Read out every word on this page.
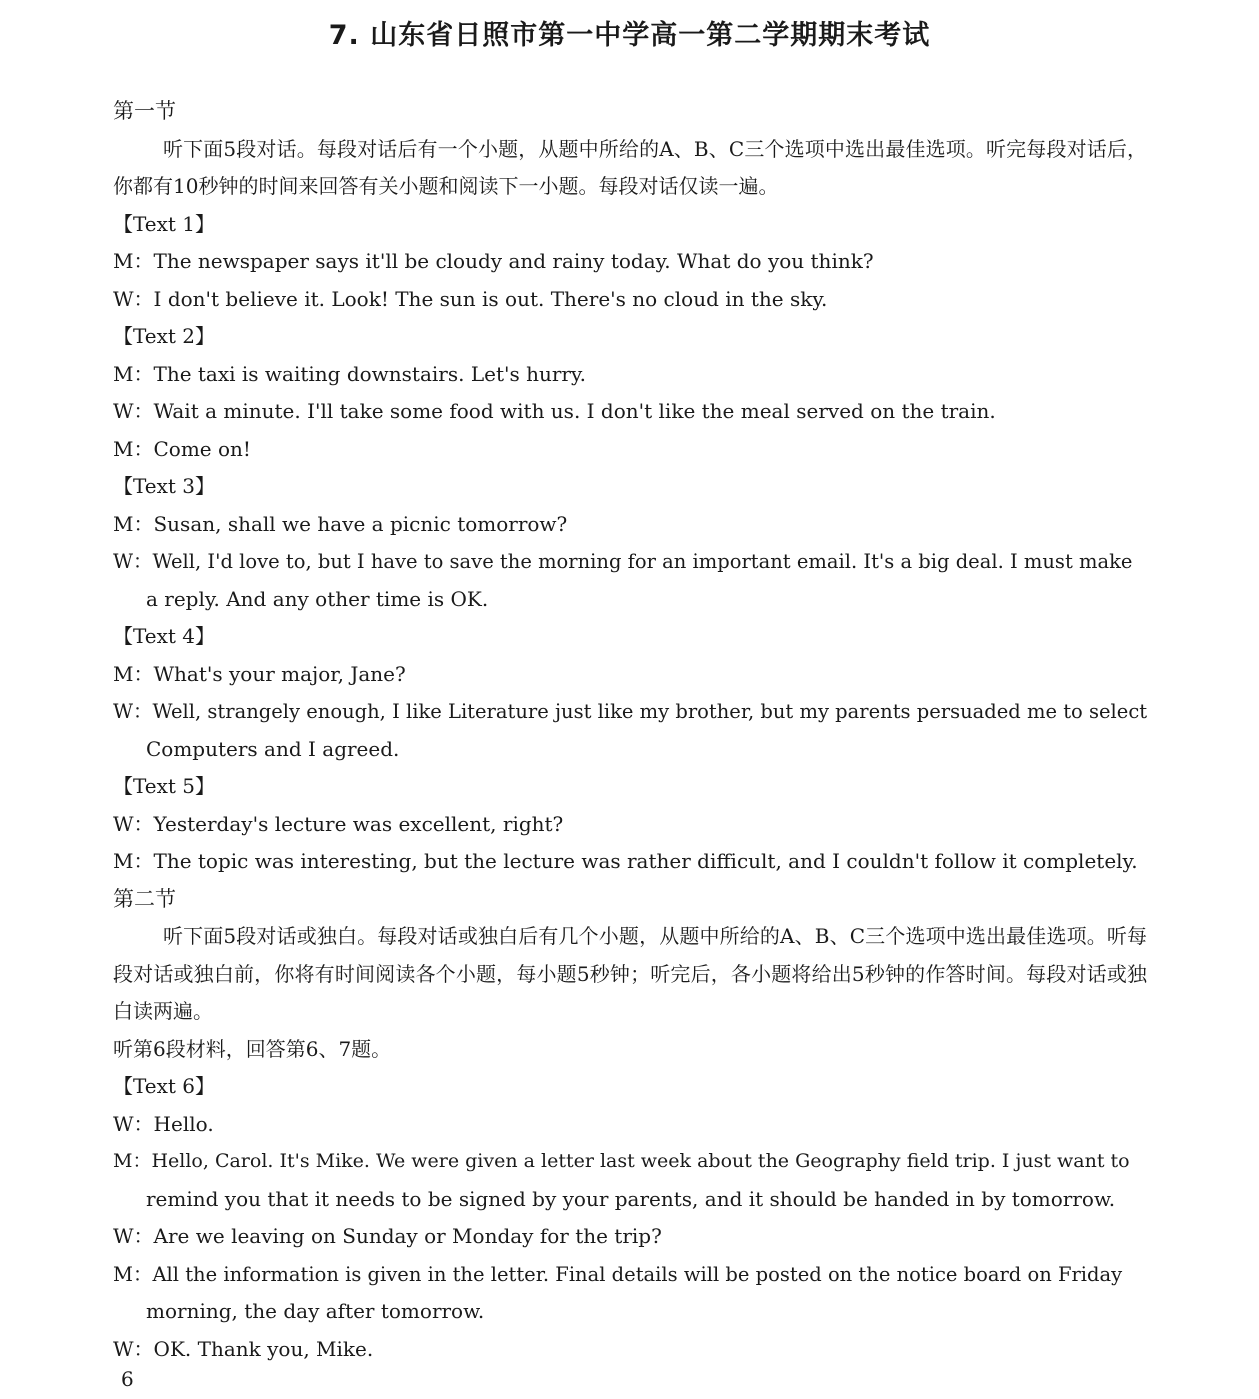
7. 山东省日照市第一中学高一第二学期期末考试
第一节
听下面5段对话。每段对话后有一个小题，从题中所给的A、B、C三个选项中选出最佳选项。听完每段对话后，你都有10秒钟的时间来回答有关小题和阅读下一小题。每段对话仅读一遍。
【Text 1】
M：The newspaper says it'll be cloudy and rainy today. What do you think?
W：I don't believe it. Look! The sun is out. There's no cloud in the sky.
【Text 2】
M：The taxi is waiting downstairs. Let's hurry.
W：Wait a minute. I'll take some food with us. I don't like the meal served on the train.
M：Come on!
【Text 3】
M：Susan, shall we have a picnic tomorrow?
W：Well, I'd love to, but I have to save the morning for an important email. It's a big deal. I must make
a reply. And any other time is OK.
【Text 4】
M：What's your major, Jane?
W：Well, strangely enough, I like Literature just like my brother, but my parents persuaded me to select
Computers and I agreed.
【Text 5】
W：Yesterday's lecture was excellent, right?
M：The topic was interesting, but the lecture was rather difficult, and I couldn't follow it completely.
第二节
听下面5段对话或独白。每段对话或独白后有几个小题，从题中所给的A、B、C三个选项中选出最佳选项。听每段对话或独白前，你将有时间阅读各个小题，每小题5秒钟；听完后，各小题将给出5秒钟的作答时间。每段对话或独白读两遍。
听第6段材料，回答第6、7题。
【Text 6】
W：Hello.
M：Hello, Carol. It's Mike. We were given a letter last week about the Geography field trip. I just want to
remind you that it needs to be signed by your parents, and it should be handed in by tomorrow.
W：Are we leaving on Sunday or Monday for the trip?
M：All the information is given in the letter. Final details will be posted on the notice board on Friday
morning, the day after tomorrow.
W：OK. Thank you, Mike.
6
